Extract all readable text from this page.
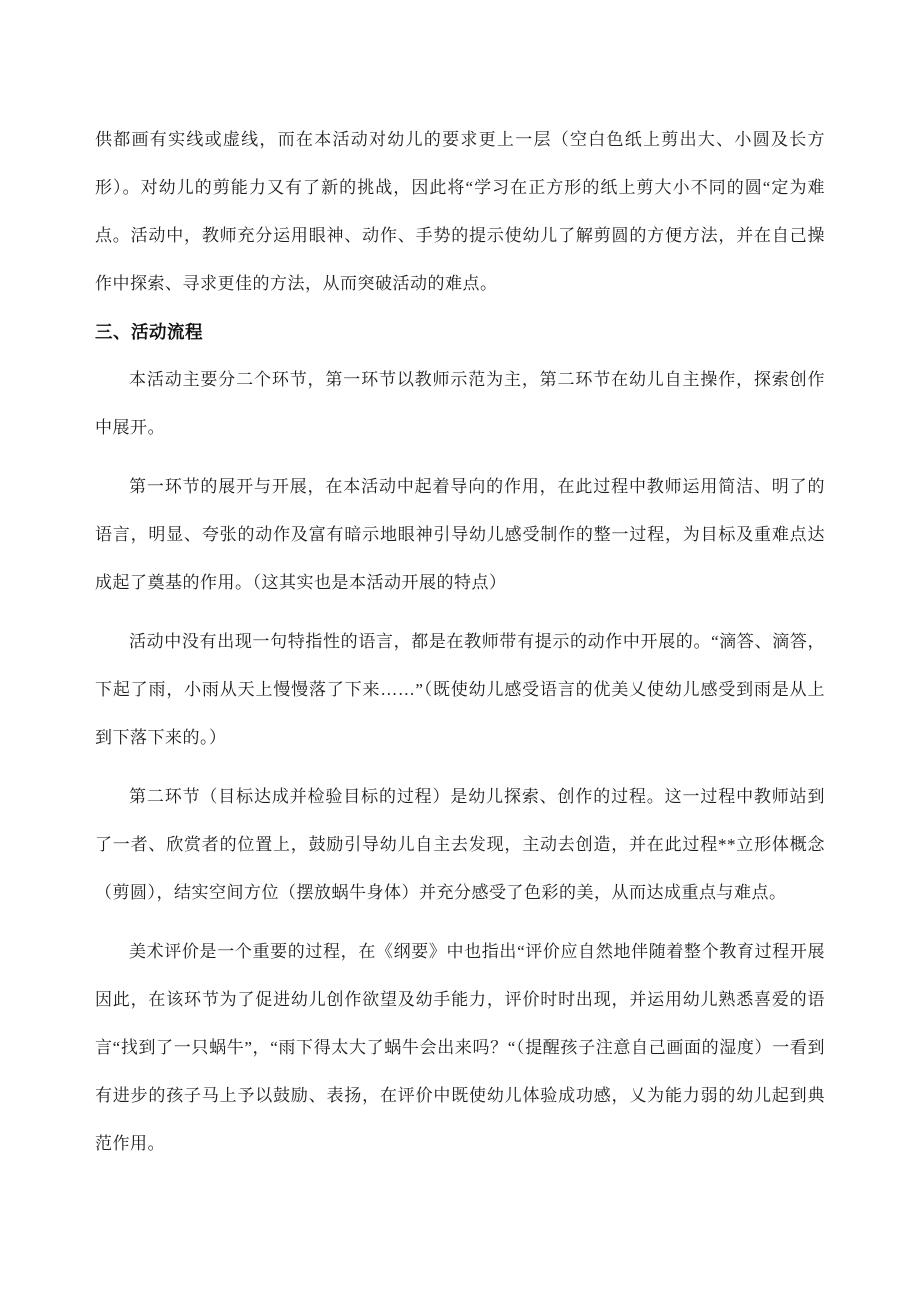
供都画有实线或虚线，而在本活动对幼儿的要求更上一层（空白色纸上剪出大、小圆及长方形）。对幼儿的剪能力又有了新的挑战，因此将“学习在正方形的纸上剪大小不同的圆“定为难点。活动中，教师充分运用眼神、动作、手势的提示使幼儿了解剪圆的方便方法，并在自己操作中探索、寻求更佳的方法，从而突破活动的难点。

三、活动流程

本活动主要分二个环节，第一环节以教师示范为主，第二环节在幼儿自主操作，探索创作中展开。

第一环节的展开与开展，在本活动中起着导向的作用，在此过程中教师运用简洁、明了的语言，明显、夸张的动作及富有暗示地眼神引导幼儿感受制作的整一过程，为目标及重难点达成起了奠基的作用。（这其实也是本活动开展的特点）

活动中没有出现一句特指性的语言，都是在教师带有提示的动作中开展的。“滴答、滴答，下起了雨，小雨从天上慢慢落了下来……”（既使幼儿感受语言的优美乂使幼儿感受到雨是从上到下落下来的。）

第二环节（目标达成并检验目标的过程）是幼儿探索、创作的过程。这一过程中教师站到了一者、欣赏者的位置上，鼓励引导幼儿自主去发现，主动去创造，并在此过程**立形体概念（剪圆），结实空间方位（摆放蜗牛身体）并充分感受了色彩的美，从而达成重点与难点。

美术评价是一个重要的过程，在《纲要》中也指出“评价应自然地伴随着整个教育过程开展因此，在该环节为了促进幼儿创作欲望及幼手能力，评价时时出现，并运用幼儿熟悉喜爱的语言“找到了一只蜗牛”，“雨下得太大了蜗牛会出来吗？“（提醒孩子注意自己画面的湿度）一看到有进步的孩子马上予以鼓励、表扬，在评价中既使幼儿体验成功感，乂为能力弱的幼儿起到典范作用。
